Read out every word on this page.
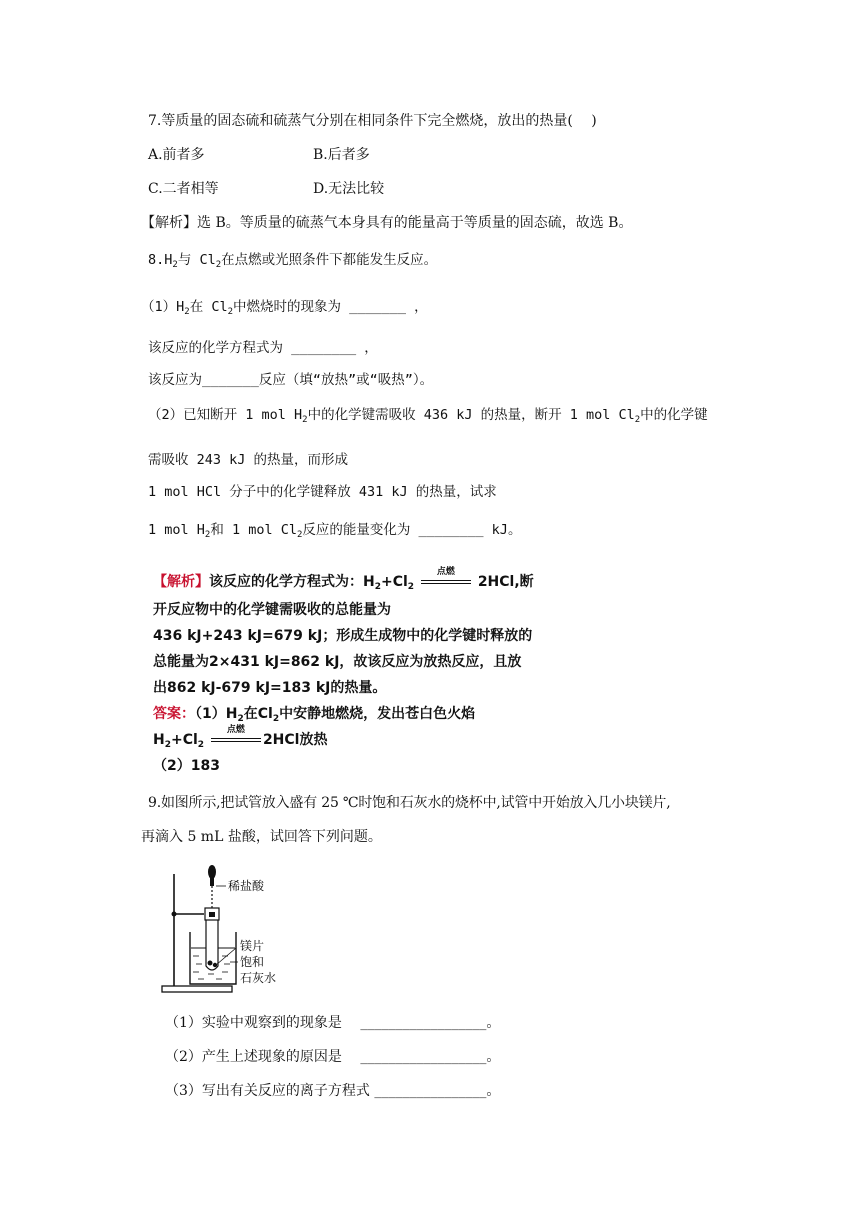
7.等质量的固态硫和硫蒸气分别在相同条件下完全燃烧，放出的热量(　 )
A.前者多	B.后者多
C.二者相等	D.无法比较
【解析】选 B。等质量的硫蒸气本身具有的能量高于等质量的固态硫，故选 B。
$8.H_2$与 $Cl_2$在点燃或光照条件下都能发生反应。
$(1)H_2$在 $Cl_2$中燃烧时的现象为 _______ ，
该反应的化学方程式为 ________ ，
该反应为_______反应（填“放热”或“吸热”）。
（2）已知断开 1 mol $H_2$中的化学键需吸收 436 kJ 的热量，断开 1 mol $Cl_2$中的化学键
需吸收 243 kJ 的热量，而形成
1 mol HCl 分子中的化学键释放 431 kJ 的热量，试求
1 mol $H_2$和 1 mol $Cl_2$反应的能量变化为 ________ kJ。
【解析】该反应的化学方程式为：$H_2+Cl_2$
点燃
2HCl,断
开反应物中的化学键需吸收的总能量为
436 kJ+243 kJ=679 kJ；形成生成物中的化学键时释放的
总能量为2×431 kJ=862 kJ，故该反应为放热反应，且放
出862 kJ-679 kJ=183 kJ的热量。
答案：$(1)H_2$在$Cl_2$中安静地燃烧，发出苍白色火焰
$H_2+Cl_2$
点燃
2HCl放热
（2）183
9.如图所示,把试管放入盛有 25 ℃时饱和石灰水的烧杯中,试管中开始放入几小块镁片,
再滴入 5 mL 盐酸，试回答下列问题。
稀盐酸
镁片
饱和
石灰水
（1）实验中观察到的现象是　 __________________。
（2）产生上述现象的原因是　 __________________。
（3）写出有关反应的离子方程式 ________________。
